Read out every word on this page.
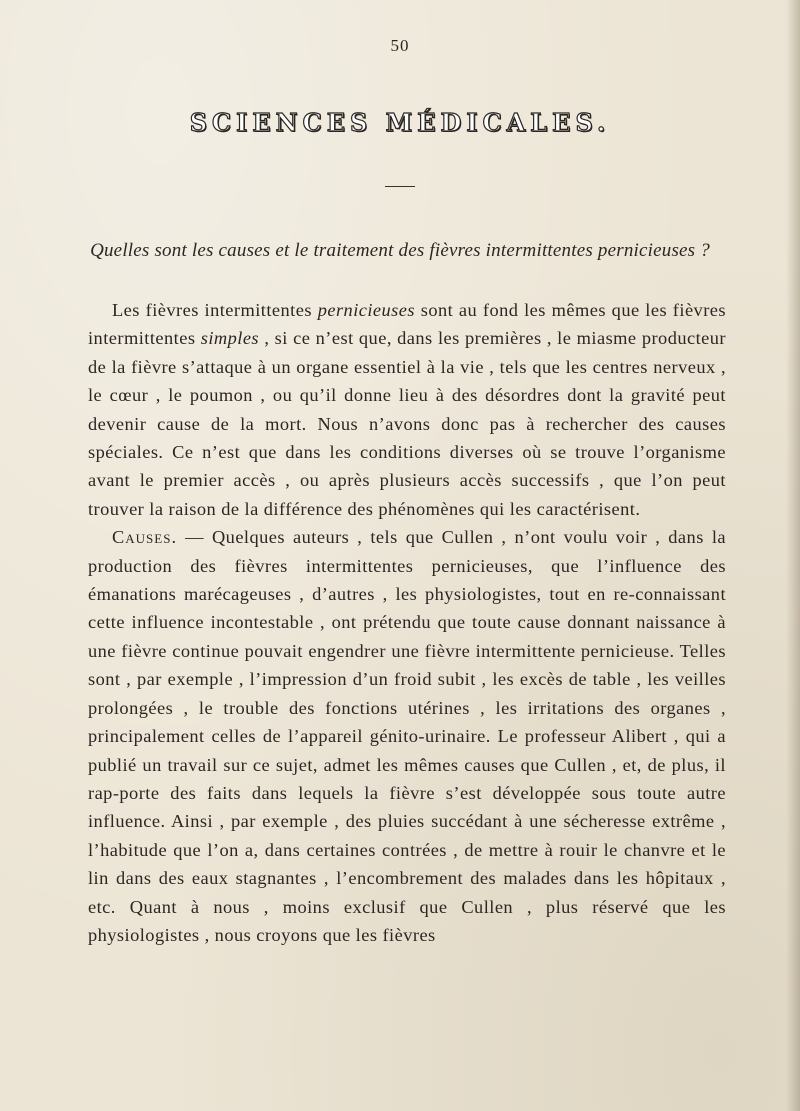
50
SCIENCES MÉDICALES.
Quelles sont les causes et le traitement des fièvres intermittentes pernicieuses ?

Les fièvres intermittentes pernicieuses sont au fond les mêmes que les fièvres intermittentes simples , si ce n’est que, dans les premières , le miasme producteur de la fièvre s’attaque à un organe essentiel à la vie , tels que les centres nerveux , le cœur , le poumon , ou qu’il donne lieu à des désordres dont la gravité peut devenir cause de la mort. Nous n’avons donc pas à rechercher des causes spéciales. Ce n’est que dans les conditions diverses où se trouve l’organisme avant le premier accès , ou après plusieurs accès successifs , que l’on peut trouver la raison de la différence des phénomènes qui les caractérisent.

Causes. — Quelques auteurs , tels que Cullen , n’ont voulu voir , dans la production des fièvres intermittentes pernicieuses, que l’influence des émanations marécageuses , d’autres , les physiologistes, tout en re-connaissant cette influence incontestable , ont prétendu que toute cause donnant naissance à une fièvre continue pouvait engendrer une fièvre intermittente pernicieuse. Telles sont , par exemple , l’impression d’un froid subit , les excès de table , les veilles prolongées , le trouble des fonctions utérines , les irritations des organes , principalement celles de l’appareil génito-urinaire. Le professeur Alibert , qui a publié un travail sur ce sujet, admet les mêmes causes que Cullen , et, de plus, il rap-porte des faits dans lequels la fièvre s’est développée sous toute autre influence. Ainsi , par exemple , des pluies succédant à une sécheresse extrême , l’habitude que l’on a, dans certaines contrées , de mettre à rouir le chanvre et le lin dans des eaux stagnantes , l’encombrement des malades dans les hôpitaux , etc. Quant à nous , moins exclusif que Cullen , plus réservé que les physiologistes , nous croyons que les fièvres
